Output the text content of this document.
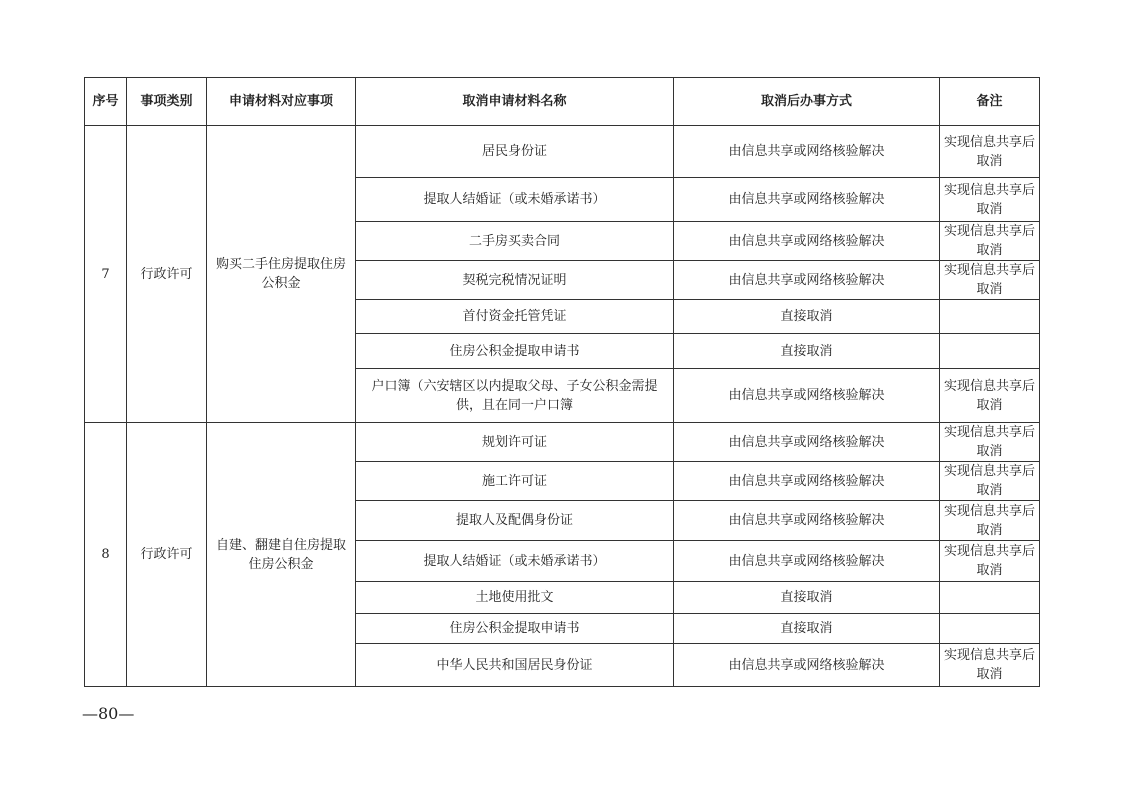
序号	事项类别	申请材料对应事项	取消申请材料名称	取消后办事方式	备注
7	行政许可	购买二手住房提取住房公积金	居民身份证	由信息共享或网络核验解决	实现信息共享后取消
			提取人结婚证（或未婚承诺书）	由信息共享或网络核验解决	实现信息共享后取消
			二手房买卖合同	由信息共享或网络核验解决	实现信息共享后取消
			契税完税情况证明	由信息共享或网络核验解决	实现信息共享后取消
			首付资金托管凭证	直接取消	
			住房公积金提取申请书	直接取消	
			户口簿（六安辖区以内提取父母、子女公积金需提供，且在同一户口簿	由信息共享或网络核验解决	实现信息共享后取消
8	行政许可	自建、翻建自住房提取住房公积金	规划许可证	由信息共享或网络核验解决	实现信息共享后取消
			施工许可证	由信息共享或网络核验解决	实现信息共享后取消
			提取人及配偶身份证	由信息共享或网络核验解决	实现信息共享后取消
			提取人结婚证（或未婚承诺书）	由信息共享或网络核验解决	实现信息共享后取消
			土地使用批文	直接取消	
			住房公积金提取申请书	直接取消	
			中华人民共和国居民身份证	由信息共享或网络核验解决	实现信息共享后取消
—80—
